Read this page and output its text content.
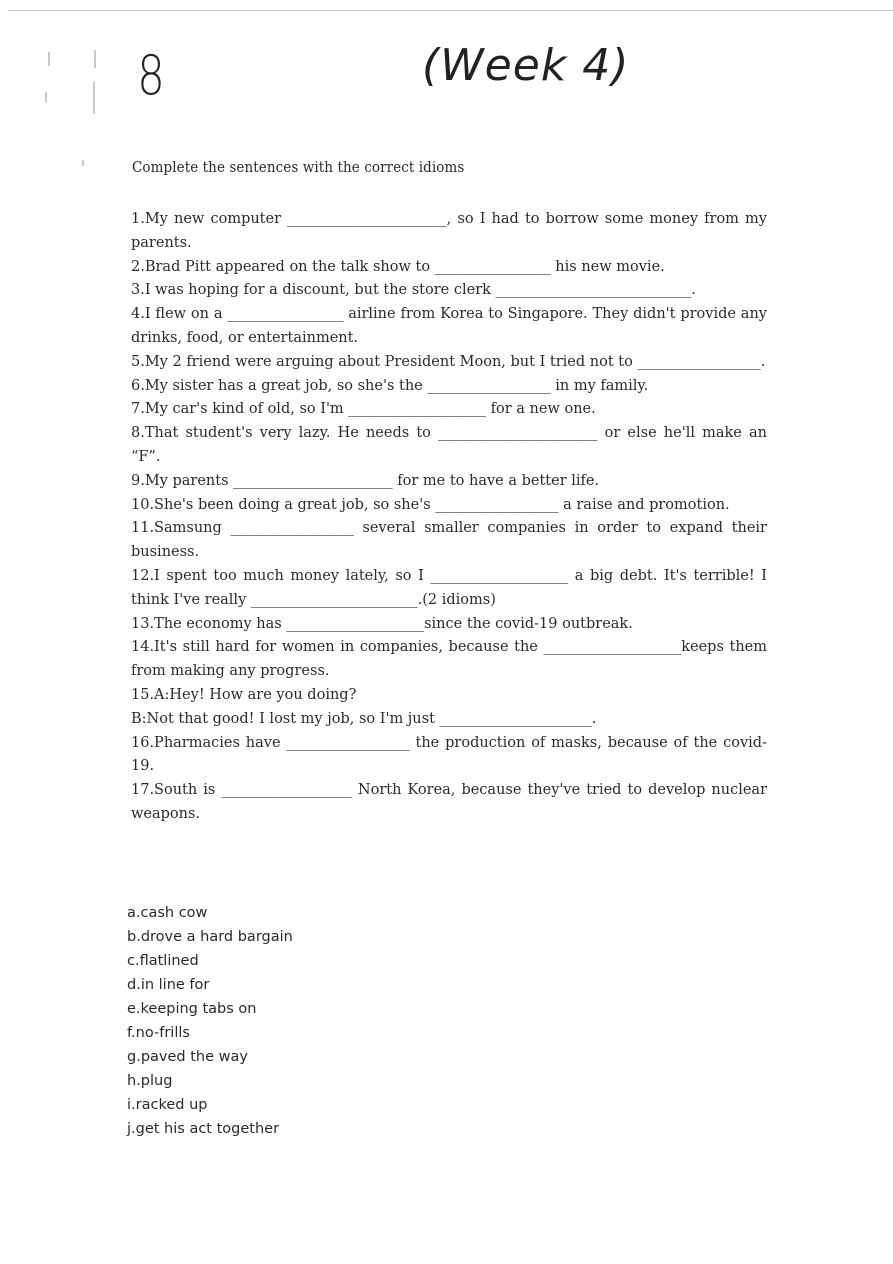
8	(Week 4)
Complete the sentences with the correct idioms

1.My new computer ______________________, so I had to borrow some money from my parents.

2.Brad Pitt appeared on the talk show to ________________ his new movie.

3.I was hoping for a discount, but the store clerk ___________________________.

4.I flew on a ________________ airline from Korea to Singapore. They didn't provide any drinks, food, or entertainment.

5.My 2 friend were arguing about President Moon, but I tried not to _________________.

6.My sister has a great job, so she's the _________________ in my family.

7.My car's kind of old, so I'm ___________________ for a new one.

8.That student's very lazy. He needs to ______________________ or else he'll make an “F”.

9.My parents ______________________ for me to have a better life.

10.She's been doing a great job, so she's _________________ a raise and promotion.

11.Samsung _________________ several smaller companies in order to expand their business.

12.I spent too much money lately, so I ___________________ a big debt. It's terrible! I think I've really _______________________.(2 idioms)

13.The economy has ___________________since the covid-19 outbreak.

14.It's still hard for women in companies, because the ___________________keeps them from making any progress.

15.A:Hey! How are you doing?

B:Not that good! I lost my job, so I'm just _____________________.

16.Pharmacies have _________________ the production of masks, because of the covid-19.

17.South is __________________ North Korea, because they've tried to develop nuclear weapons.

a.cash cow

b.drove a hard bargain

c.flatlined

d.in line for

e.keeping tabs on

f.no-frills

g.paved the way

h.plug

i.racked up

j.get his act together
